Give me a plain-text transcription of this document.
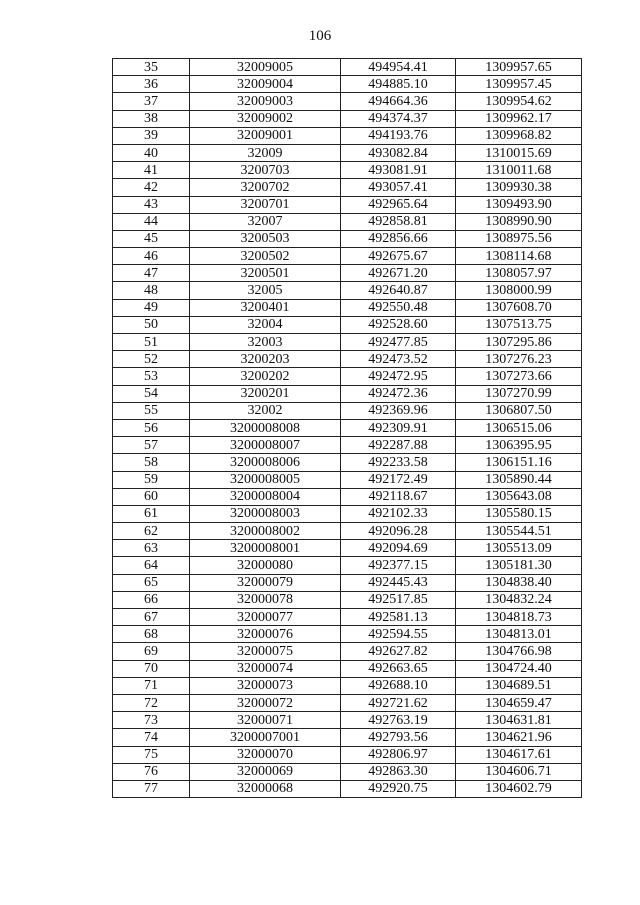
106
35	32009005	494954.41	1309957.65
36	32009004	494885.10	1309957.45
37	32009003	494664.36	1309954.62
38	32009002	494374.37	1309962.17
39	32009001	494193.76	1309968.82
40	32009	493082.84	1310015.69
41	3200703	493081.91	1310011.68
42	3200702	493057.41	1309930.38
43	3200701	492965.64	1309493.90
44	32007	492858.81	1308990.90
45	3200503	492856.66	1308975.56
46	3200502	492675.67	1308114.68
47	3200501	492671.20	1308057.97
48	32005	492640.87	1308000.99
49	3200401	492550.48	1307608.70
50	32004	492528.60	1307513.75
51	32003	492477.85	1307295.86
52	3200203	492473.52	1307276.23
53	3200202	492472.95	1307273.66
54	3200201	492472.36	1307270.99
55	32002	492369.96	1306807.50
56	3200008008	492309.91	1306515.06
57	3200008007	492287.88	1306395.95
58	3200008006	492233.58	1306151.16
59	3200008005	492172.49	1305890.44
60	3200008004	492118.67	1305643.08
61	3200008003	492102.33	1305580.15
62	3200008002	492096.28	1305544.51
63	3200008001	492094.69	1305513.09
64	32000080	492377.15	1305181.30
65	32000079	492445.43	1304838.40
66	32000078	492517.85	1304832.24
67	32000077	492581.13	1304818.73
68	32000076	492594.55	1304813.01
69	32000075	492627.82	1304766.98
70	32000074	492663.65	1304724.40
71	32000073	492688.10	1304689.51
72	32000072	492721.62	1304659.47
73	32000071	492763.19	1304631.81
74	3200007001	492793.56	1304621.96
75	32000070	492806.97	1304617.61
76	32000069	492863.30	1304606.71
77	32000068	492920.75	1304602.79
